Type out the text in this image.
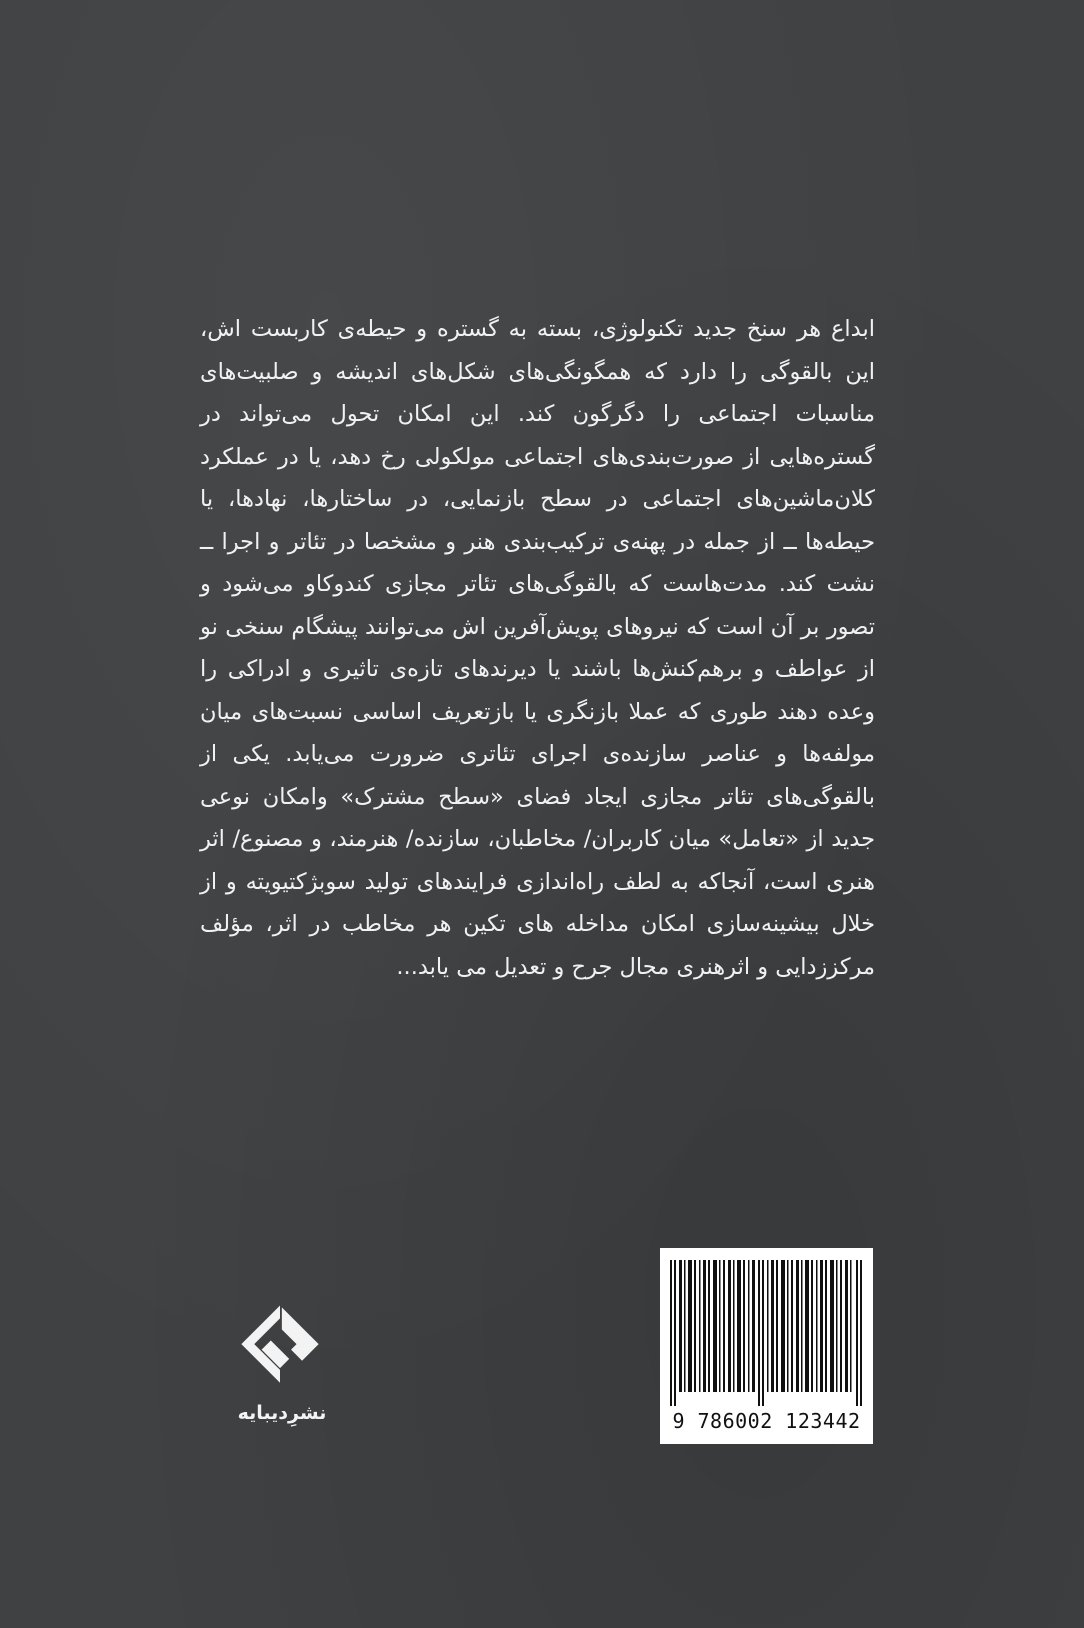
ابداع هر سنخ جدید تکنولوژی، بسته به گستره و حیطه‌ی کاربست اش، این بالقوگی را دارد که همگونگی‌های شکل‌های اندیشه و صلبیت‌های مناسبات اجتماعی را دگرگون کند. این امکان تحول می‌تواند در گستره‌هایی از صورت‌بندی‌های اجتماعی مولکولی رخ دهد، یا در عملکرد کلان‌ماشین‌های اجتماعی در سطح بازنمایی، در ساختارها، نهادها، یا حیطه‌ها ــ از جمله در پهنه‌ی ترکیب‌بندی هنر و مشخصا در تئاتر و اجرا ــ نشت کند. مدت‌هاست که بالقوگی‌های تئاتر مجازی کندوکاو می‌شود و تصور بر آن است که نیروهای پویش‌آفرین اش می‌توانند پیشگام سنخی نو از عواطف و برهم‌کنش‌ها باشند یا دیرندهای تازه‌ی تاثیری و ادراکی را وعده دهند طوری که عملا بازنگری یا بازتعریف اساسی نسبت‌های میان مولفه‌ها و عناصر سازنده‌ی اجرای تئاتری ضرورت می‌یابد. یکی از بالقوگی‌های تئاتر مجازی ایجاد فضای «سطح مشترک» وامکان نوعی جدید از «تعامل» میان کاربران/ مخاطبان، سازنده/ هنرمند، و مصنوع/ اثر هنری است، آنجاکه به لطف راه‌اندازی فرایندهای تولید سوبژکتیویته و از خلال بیشینه‌سازی امکان مداخله های تکین هر مخاطب در اثر، مؤلف مرکززدایی و اثرهنری مجال جرح و تعدیل می یابد...

نشرِدیبایه	9 786002 123442
